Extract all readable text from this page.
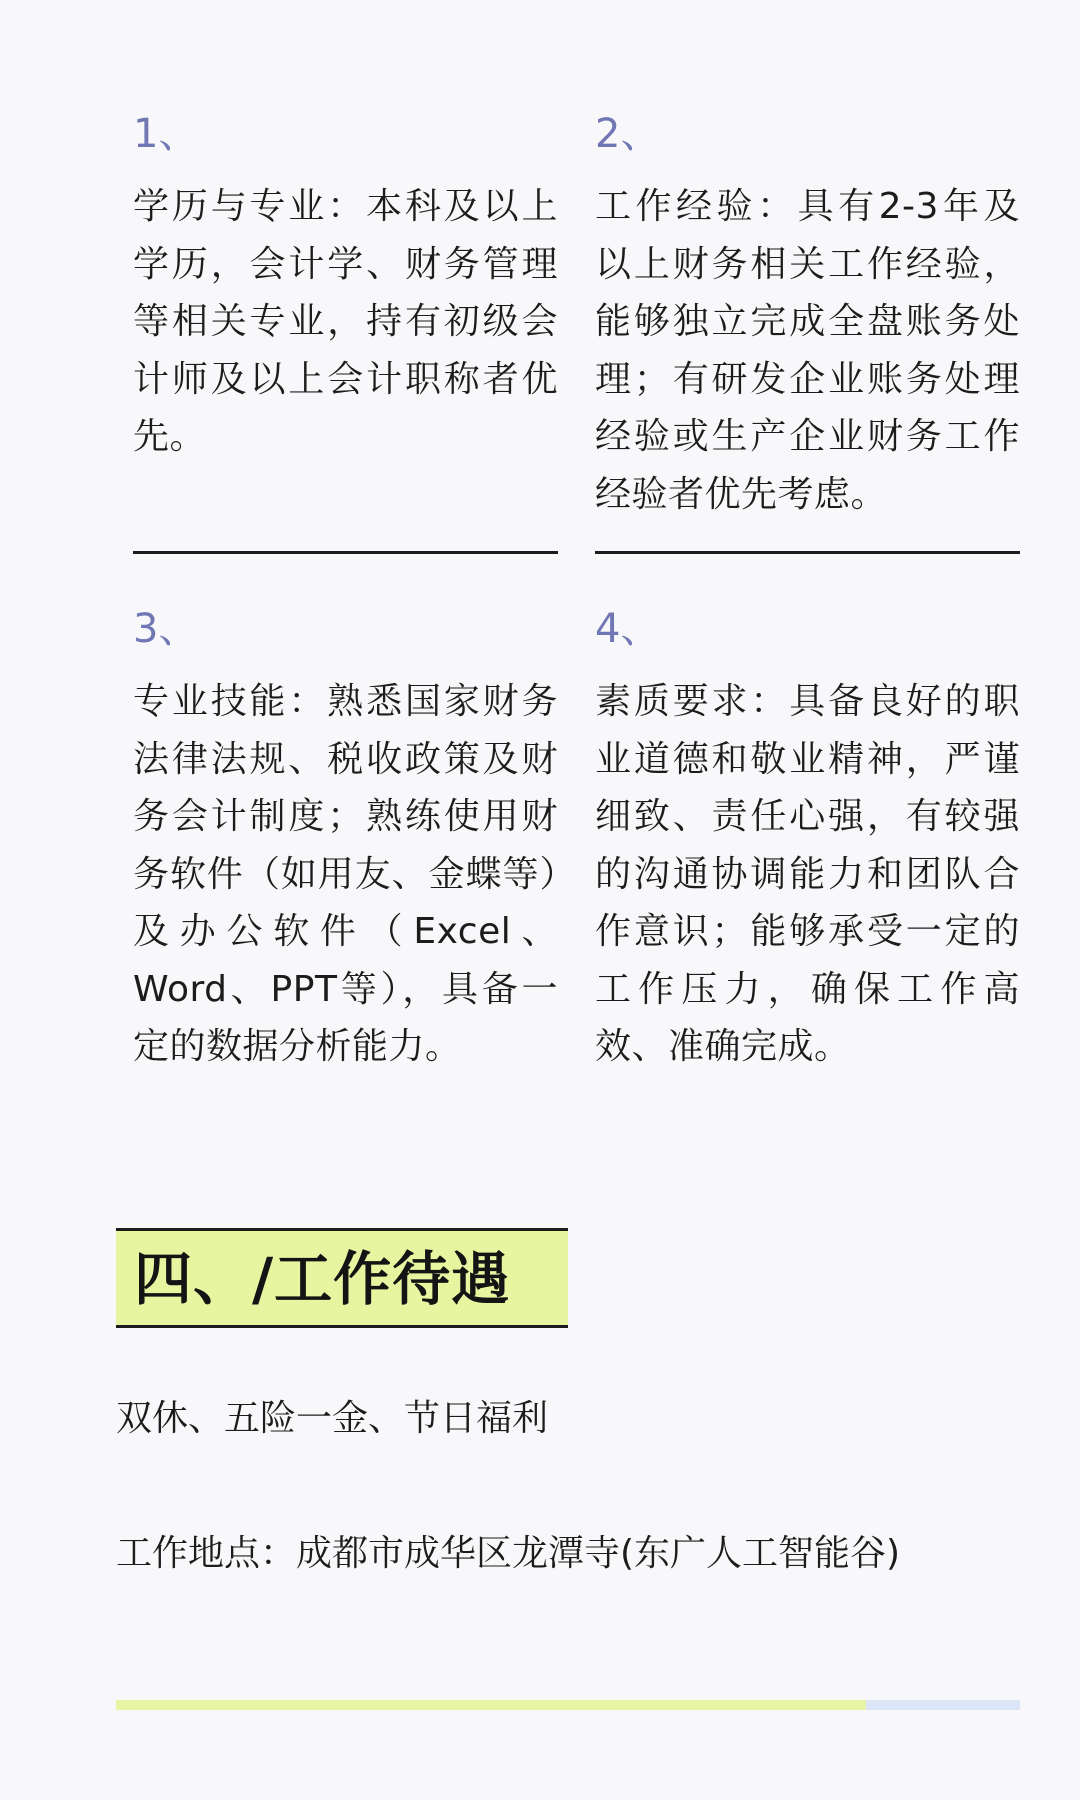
1、

学历与专业：本科及以上学历，会计学、财务管理等相关专业，持有初级会计师及以上会计职称者优先。

2、

工作经验：具有2-3年及以上财务相关工作经验，能够独立完成全盘账务处理；有研发企业账务处理经验或生产企业财务工作经验者优先考虑。

3、

专业技能：熟悉国家财务法律法规、税收政策及财务会计制度；熟练使用财务软件（如用友、金蝶等）及办公软件（Excel、Word、PPT等），具备一定的数据分析能力。

4、

素质要求：具备良好的职业道德和敬业精神，严谨细致、责任心强，有较强的沟通协调能力和团队合作意识；能够承受一定的工作压力，确保工作高效、准确完成。

四、/工作待遇
双休、五险一金、节日福利
工作地点：成都市成华区龙潭寺(东广人工智能谷)
